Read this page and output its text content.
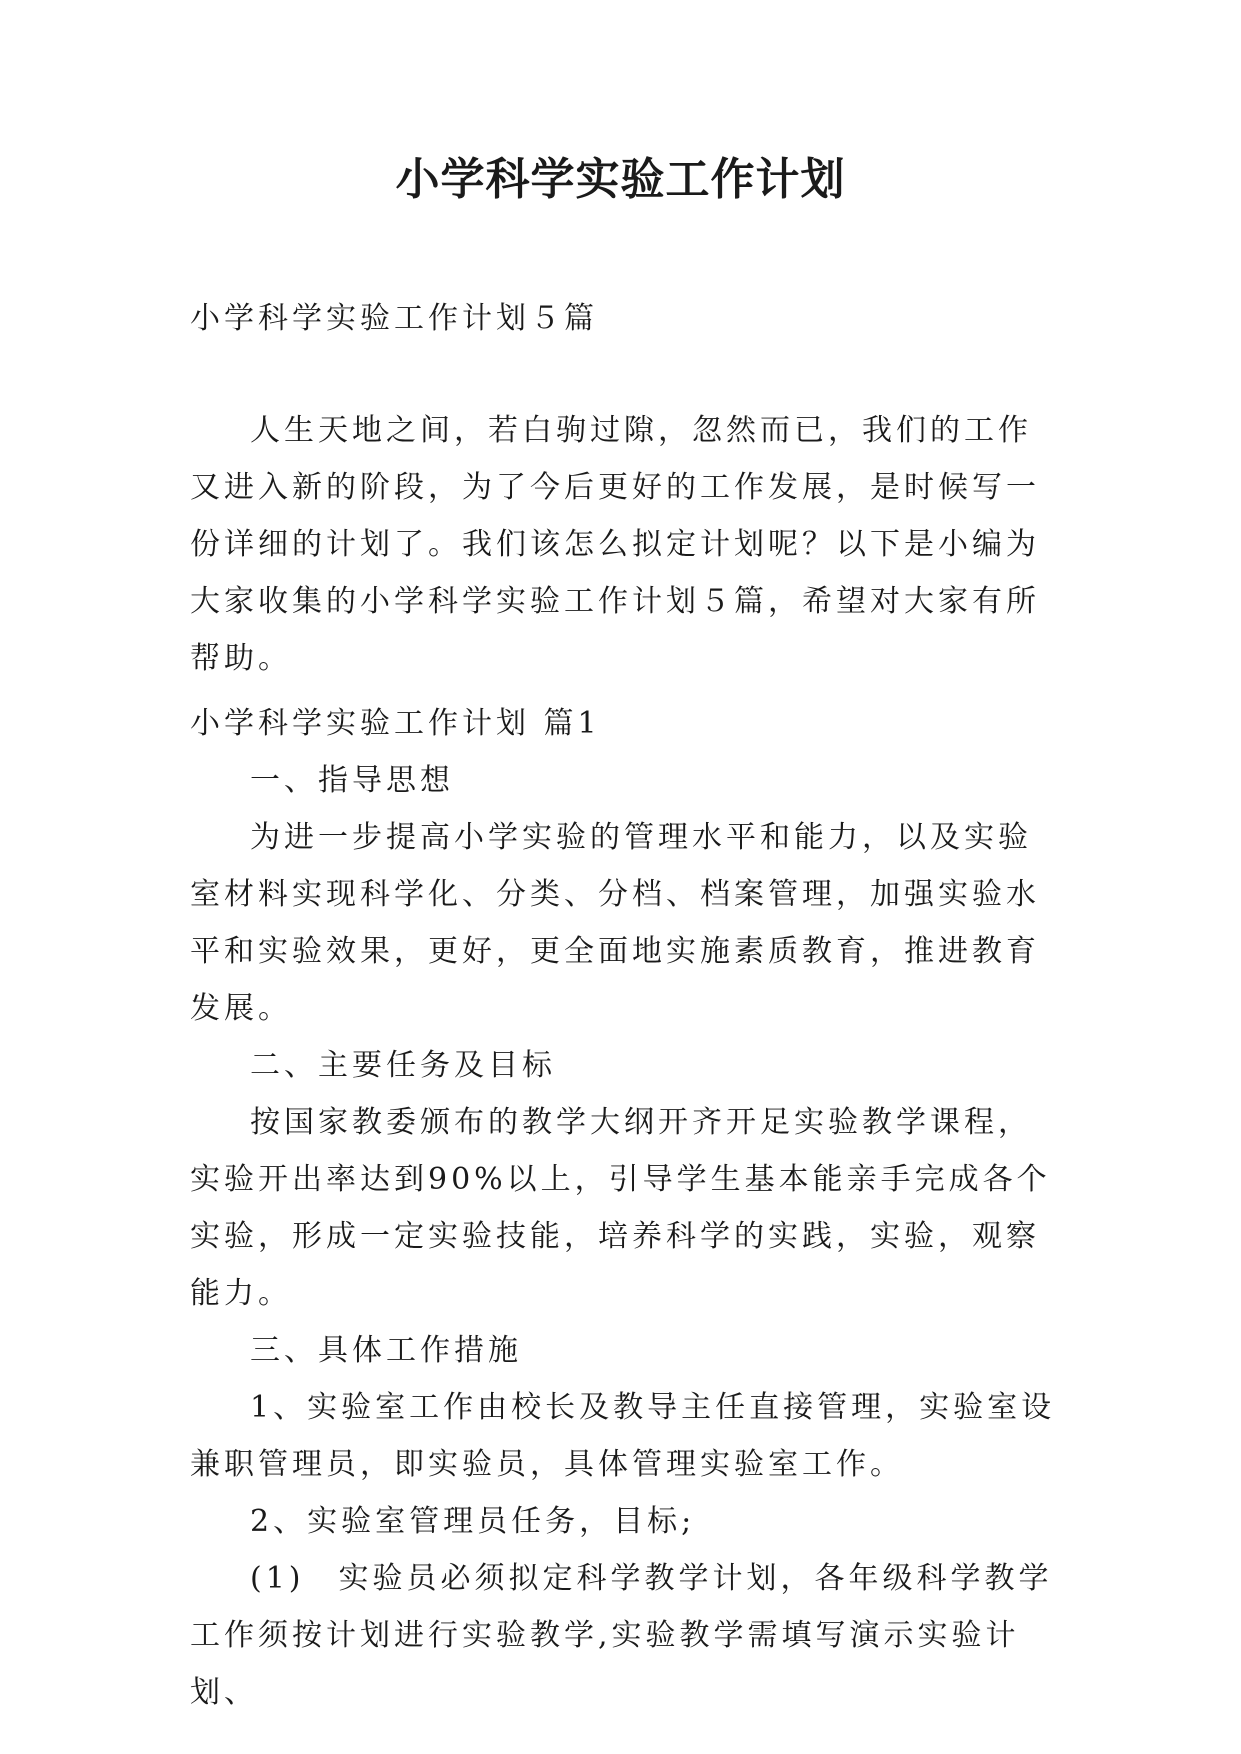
小学科学实验工作计划
小学科学实验工作计划５篇

人生天地之间，若白驹过隙，忽然而已，我们的工作又进入新的阶段，为了今后更好的工作发展，是时候写一份详细的计划了。我们该怎么拟定计划呢？以下是小编为大家收集的小学科学实验工作计划５篇，希望对大家有所帮助。

小学科学实验工作计划 篇1

一、指导思想

为进一步提高小学实验的管理水平和能力，以及实验室材料实现科学化、分类、分档、档案管理，加强实验水平和实验效果，更好，更全面地实施素质教育，推进教育发展。

二、主要任务及目标

按国家教委颁布的教学大纲开齐开足实验教学课程，实验开出率达到90%以上，引导学生基本能亲手完成各个实验，形成一定实验技能，培养科学的实践，实验，观察能力。

三、具体工作措施

1、实验室工作由校长及教导主任直接管理，实验室设兼职管理员，即实验员，具体管理实验室工作。

2、实验室管理员任务，目标;

(1)　实验员必须拟定科学教学计划，各年级科学教学工作须按计划进行实验教学,实验教学需填写演示实验计划、
